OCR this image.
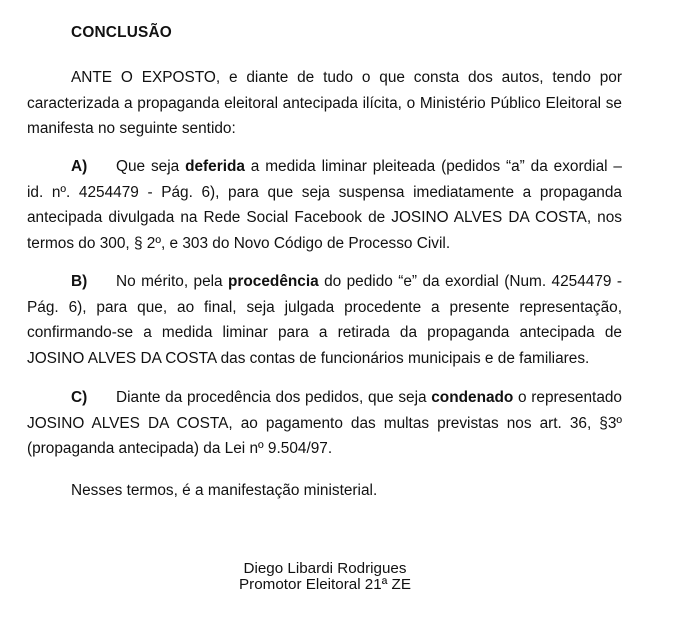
CONCLUSÃO

ANTE O EXPOSTO, e diante de tudo o que consta dos autos, tendo por caracterizada a propaganda eleitoral antecipada ilícita, o Ministério Público Eleitoral se manifesta no seguinte sentido:

A) Que seja deferida a medida liminar pleiteada (pedidos “a” da exordial – id. nº. 4254479 - Pág. 6), para que seja suspensa imediatamente a propaganda antecipada divulgada na Rede Social Facebook de JOSINO ALVES DA COSTA, nos termos do 300, § 2º, e 303 do Novo Código de Processo Civil.

B) No mérito, pela procedência do pedido “e” da exordial (Num. 4254479 - Pág. 6), para que, ao final, seja julgada procedente a presente representação, confirmando-se a medida liminar para a retirada da propaganda antecipada de JOSINO ALVES DA COSTA das contas de funcionários municipais e de familiares.

C) Diante da procedência dos pedidos, que seja condenado o representado JOSINO ALVES DA COSTA, ao pagamento das multas previstas nos art. 36, §3º (propaganda antecipada) da Lei nº 9.504/97.

Nesses termos, é a manifestação ministerial.

Diego Libardi Rodrigues
Promotor Eleitoral 21ª ZE
